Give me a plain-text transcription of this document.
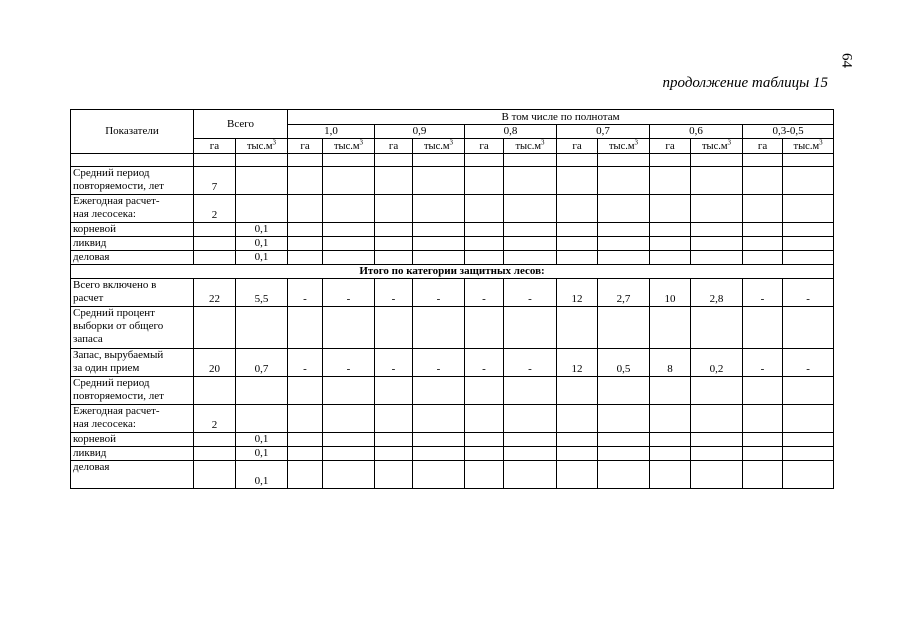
64
продолжение таблицы 15
Показатели	Всего		В том числе по полнотам											
			1,0		0,9		0,8		0,7		0,6		0,3-0,5	
	га	$тыс.м^3$	га	$тыс.м^3$	га	$тыс.м^3$	га	$тыс.м^3$	га	$тыс.м^3$	га	$тыс.м^3$	га	$тыс.м^3$

Средний период
повторяемости, лет	7													

Ежегодная расчет-
ная лесосека:	2													

корневой		0,1												

ликвид		0,1												

деловая		0,1												
Итого по категории защитных лесов:														

Всего включено в
расчет	22	5,5	-	-	-	-	-	-	12	2,7	10	2,8	-	-

Средний процент
выборки от общего
запаса														

Запас, вырубаемый
за один прием	20	0,7	-	-	-	-	-	-	12	0,5	8	0,2	-	-

Средний период
повторяемости, лет														

Ежегодная расчет-
ная лесосека:	2													

корневой		0,1												

ликвид		0,1												

деловая		0,1												
